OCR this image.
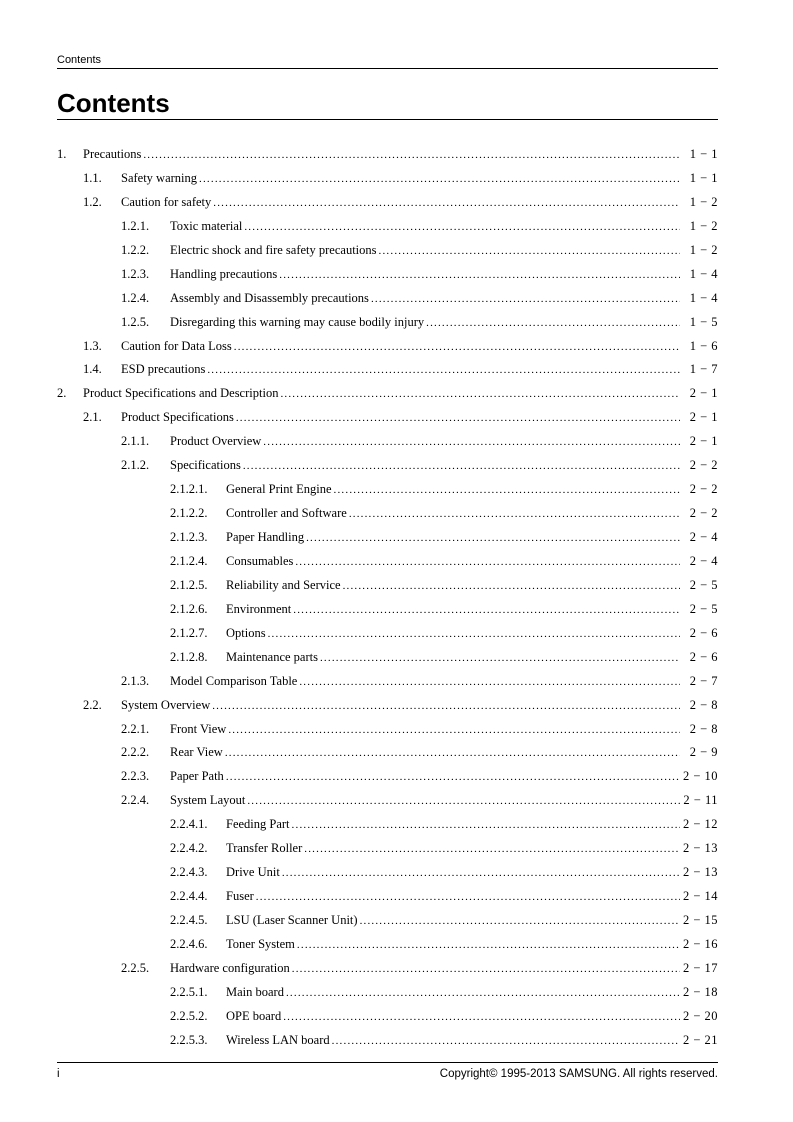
Contents
Contents
1. Precautions .....	1 − 1
1.1. Safety warning .....	1 − 1
1.2. Caution for safety .....	1 − 2
1.2.1. Toxic material .....	1 − 2
1.2.2. Electric shock and fire safety precautions .....	1 − 2
1.2.3. Handling precautions .....	1 − 4
1.2.4. Assembly and Disassembly precautions .....	1 − 4
1.2.5. Disregarding this warning may cause bodily injury .....	1 − 5
1.3. Caution for Data Loss .....	1 − 6
1.4. ESD precautions .....	1 − 7
2. Product Specifications and Description .....	2 − 1
2.1. Product Specifications .....	2 − 1
2.1.1. Product Overview .....	2 − 1
2.1.2. Specifications .....	2 − 2
2.1.2.1. General Print Engine .....	2 − 2
2.1.2.2. Controller and Software .....	2 − 2
2.1.2.3. Paper Handling .....	2 − 4
2.1.2.4. Consumables .....	2 − 4
2.1.2.5. Reliability and Service .....	2 − 5
2.1.2.6. Environment .....	2 − 5
2.1.2.7. Options .....	2 − 6
2.1.2.8. Maintenance parts .....	2 − 6
2.1.3. Model Comparison Table .....	2 − 7
2.2. System Overview .....	2 − 8
2.2.1. Front View .....	2 − 8
2.2.2. Rear View .....	2 − 9
2.2.3. Paper Path .....	2 − 10
2.2.4. System Layout .....	2 − 11
2.2.4.1. Feeding Part .....	2 − 12
2.2.4.2. Transfer Roller .....	2 − 13
2.2.4.3. Drive Unit .....	2 − 13
2.2.4.4. Fuser .....	2 − 14
2.2.4.5. LSU (Laser Scanner Unit) .....	2 − 15
2.2.4.6. Toner System .....	2 − 16
2.2.5. Hardware configuration .....	2 − 17
2.2.5.1. Main board .....	2 − 18
2.2.5.2. OPE board .....	2 − 20
2.2.5.3. Wireless LAN board .....	2 − 21
i	Copyright© 1995-2013 SAMSUNG. All rights reserved.
